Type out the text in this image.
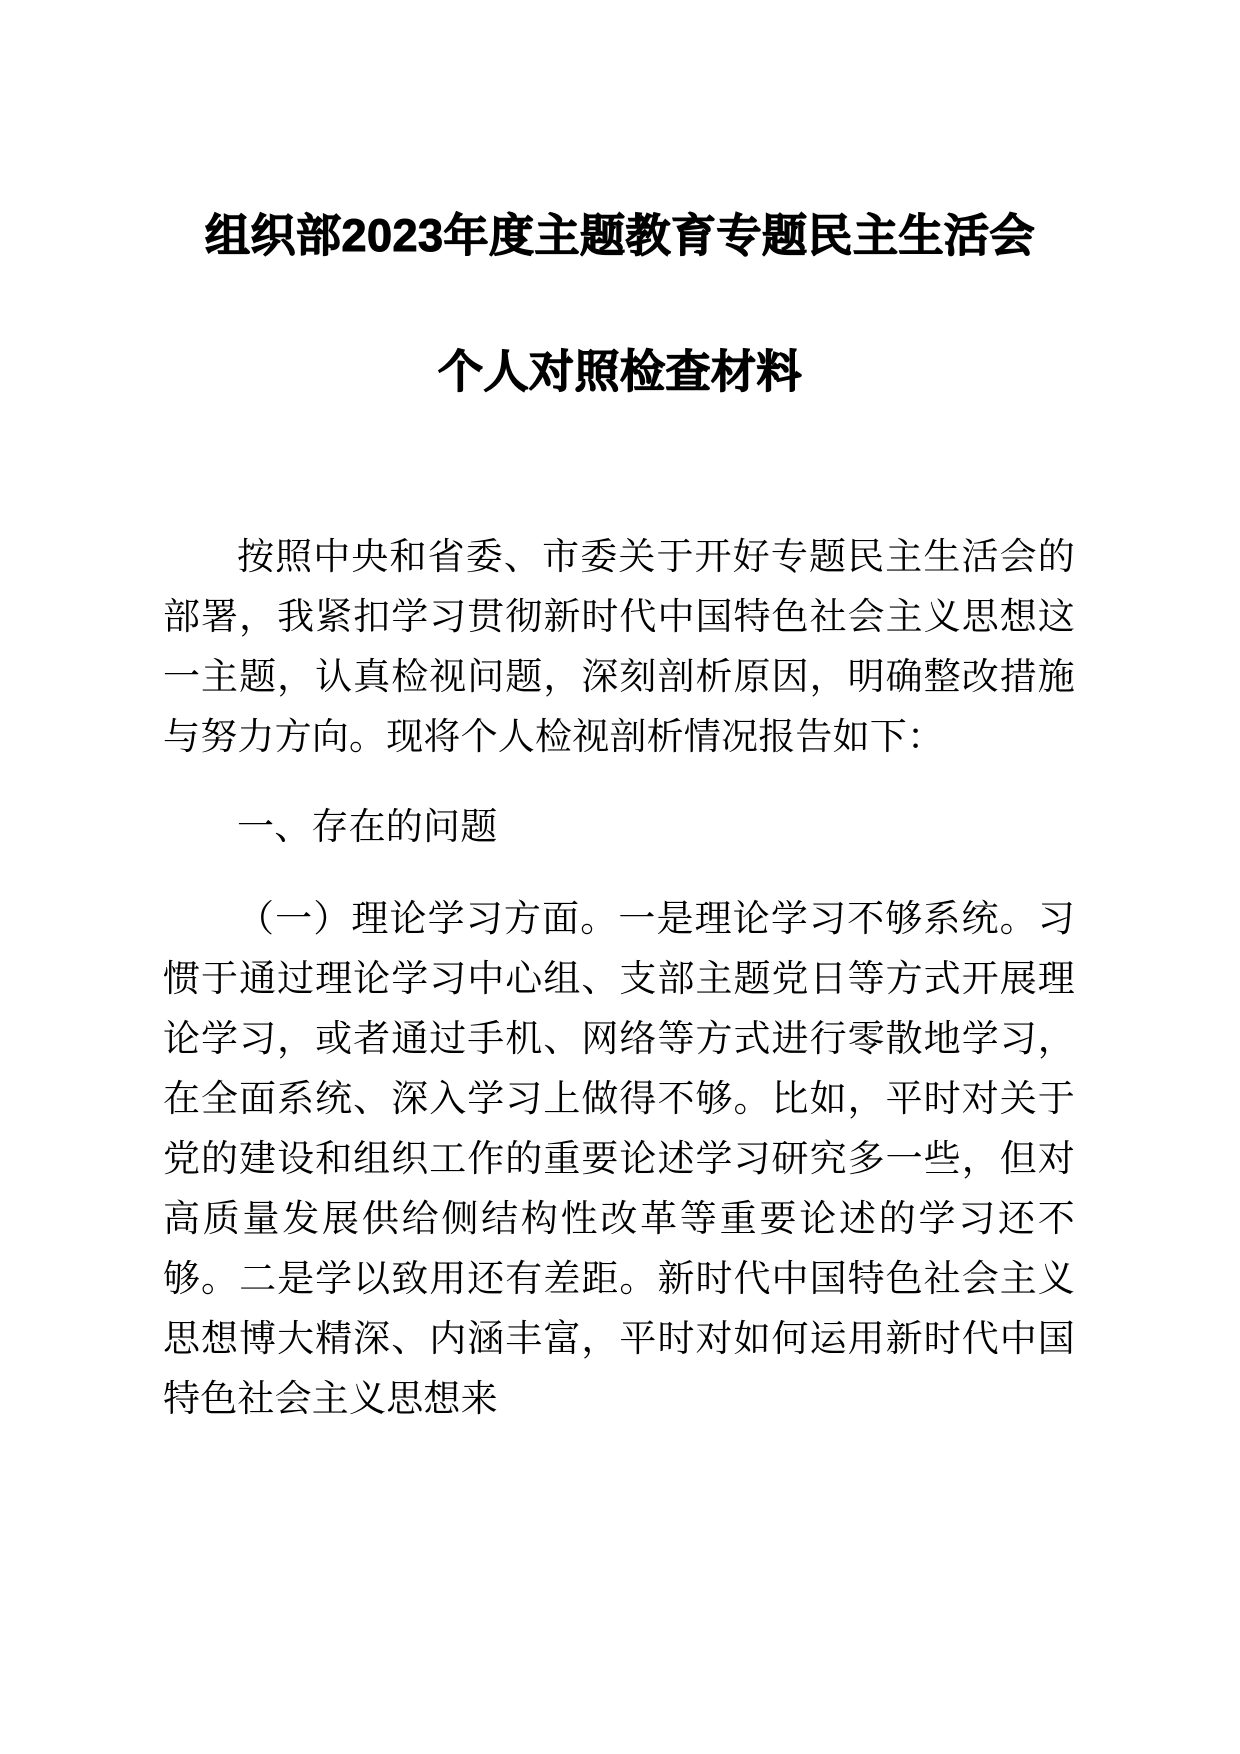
组织部2023年度主题教育专题民主生活会
个人对照检查材料

按照中央和省委、市委关于开好专题民主生活会的部署，我紧扣学习贯彻新时代中国特色社会主义思想这一主题，认真检视问题，深刻剖析原因，明确整改措施与努力方向。现将个人检视剖析情况报告如下：

一、存在的问题

（一）理论学习方面。一是理论学习不够系统。习惯于通过理论学习中心组、支部主题党日等方式开展理论学习，或者通过手机、网络等方式进行零散地学习，在全面系统、深入学习上做得不够。比如，平时对关于党的建设和组织工作的重要论述学习研究多一些，但对高质量发展供给侧结构性改革等重要论述的学习还不够。二是学以致用还有差距。新时代中国特色社会主义思想博大精深、内涵丰富，平时对如何运用新时代中国特色社会主义思想来
